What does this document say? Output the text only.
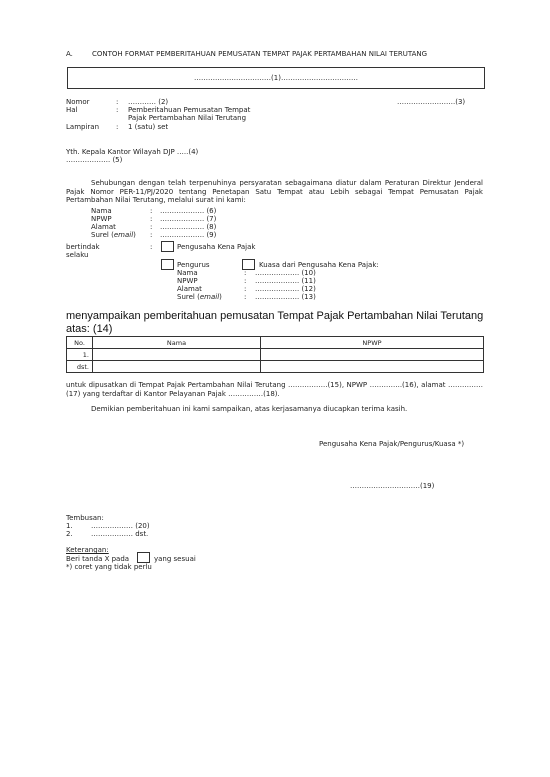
A.	CONTOH FORMAT PEMBERITAHUAN PEMUSATAN TEMPAT PAJAK PERTAMBAHAN NILAI TERUTANG
……………………………(1)……………………………
Nomor	: ………… (2)	…………………….(3)
Hal	: Pemberitahuan Pemusatan Tempat
Pajak Pertambahan Nilai Terutang
Lampiran : 1 (satu) set
Yth. Kepala Kantor Wilayah DJP …..(4)
………………. (5)
Sehubungan dengan telah terpenuhinya persyaratan sebagaimana diatur dalam Peraturan Direktur Jenderal Pajak Nomor PER-11/PJ/2020 tentang Penetapan Satu Tempat atau Lebih sebagai Tempat Pemusatan Pajak Pertambahan Nilai Terutang, melalui surat ini kami:
Nama	: ………………. (6)
NPWP	: ………………. (7)
Alamat	: ………………. (8)
Surel (email) : ………………. (9)
bertindak
selaku
:	Pengusaha Kena Pajak
Pengurus	Kuasa dari Pengusaha Kena Pajak:
Nama	: ………………. (10)
NPWP	: ………………. (11)
Alamat	: ………………. (12)
Surel (email)	: ………………. (13)
menyampaikan pemberitahuan pemusatan Tempat Pajak Pertambahan Nilai Terutang atas: (14)
No.	Nama	NPWP
1.		
dst.		
untuk dipusatkan di Tempat Pajak Pertambahan Nilai Terutang ……………..(15), NPWP …………..(16), alamat ……………(17) yang terdaftar di Kantor Pelayanan Pajak ……………(18).
Demikian pemberitahuan ini kami sampaikan, atas kerjasamanya diucapkan terima kasih.
Pengusaha Kena Pajak/Pengurus/Kuasa *)
…………………………(19)
Tembusan:
1.	……………… (20)
2.	……………… dst.
Keterangan:
Beri tanda X pada	yang sesuai
*) coret yang tidak perlu
